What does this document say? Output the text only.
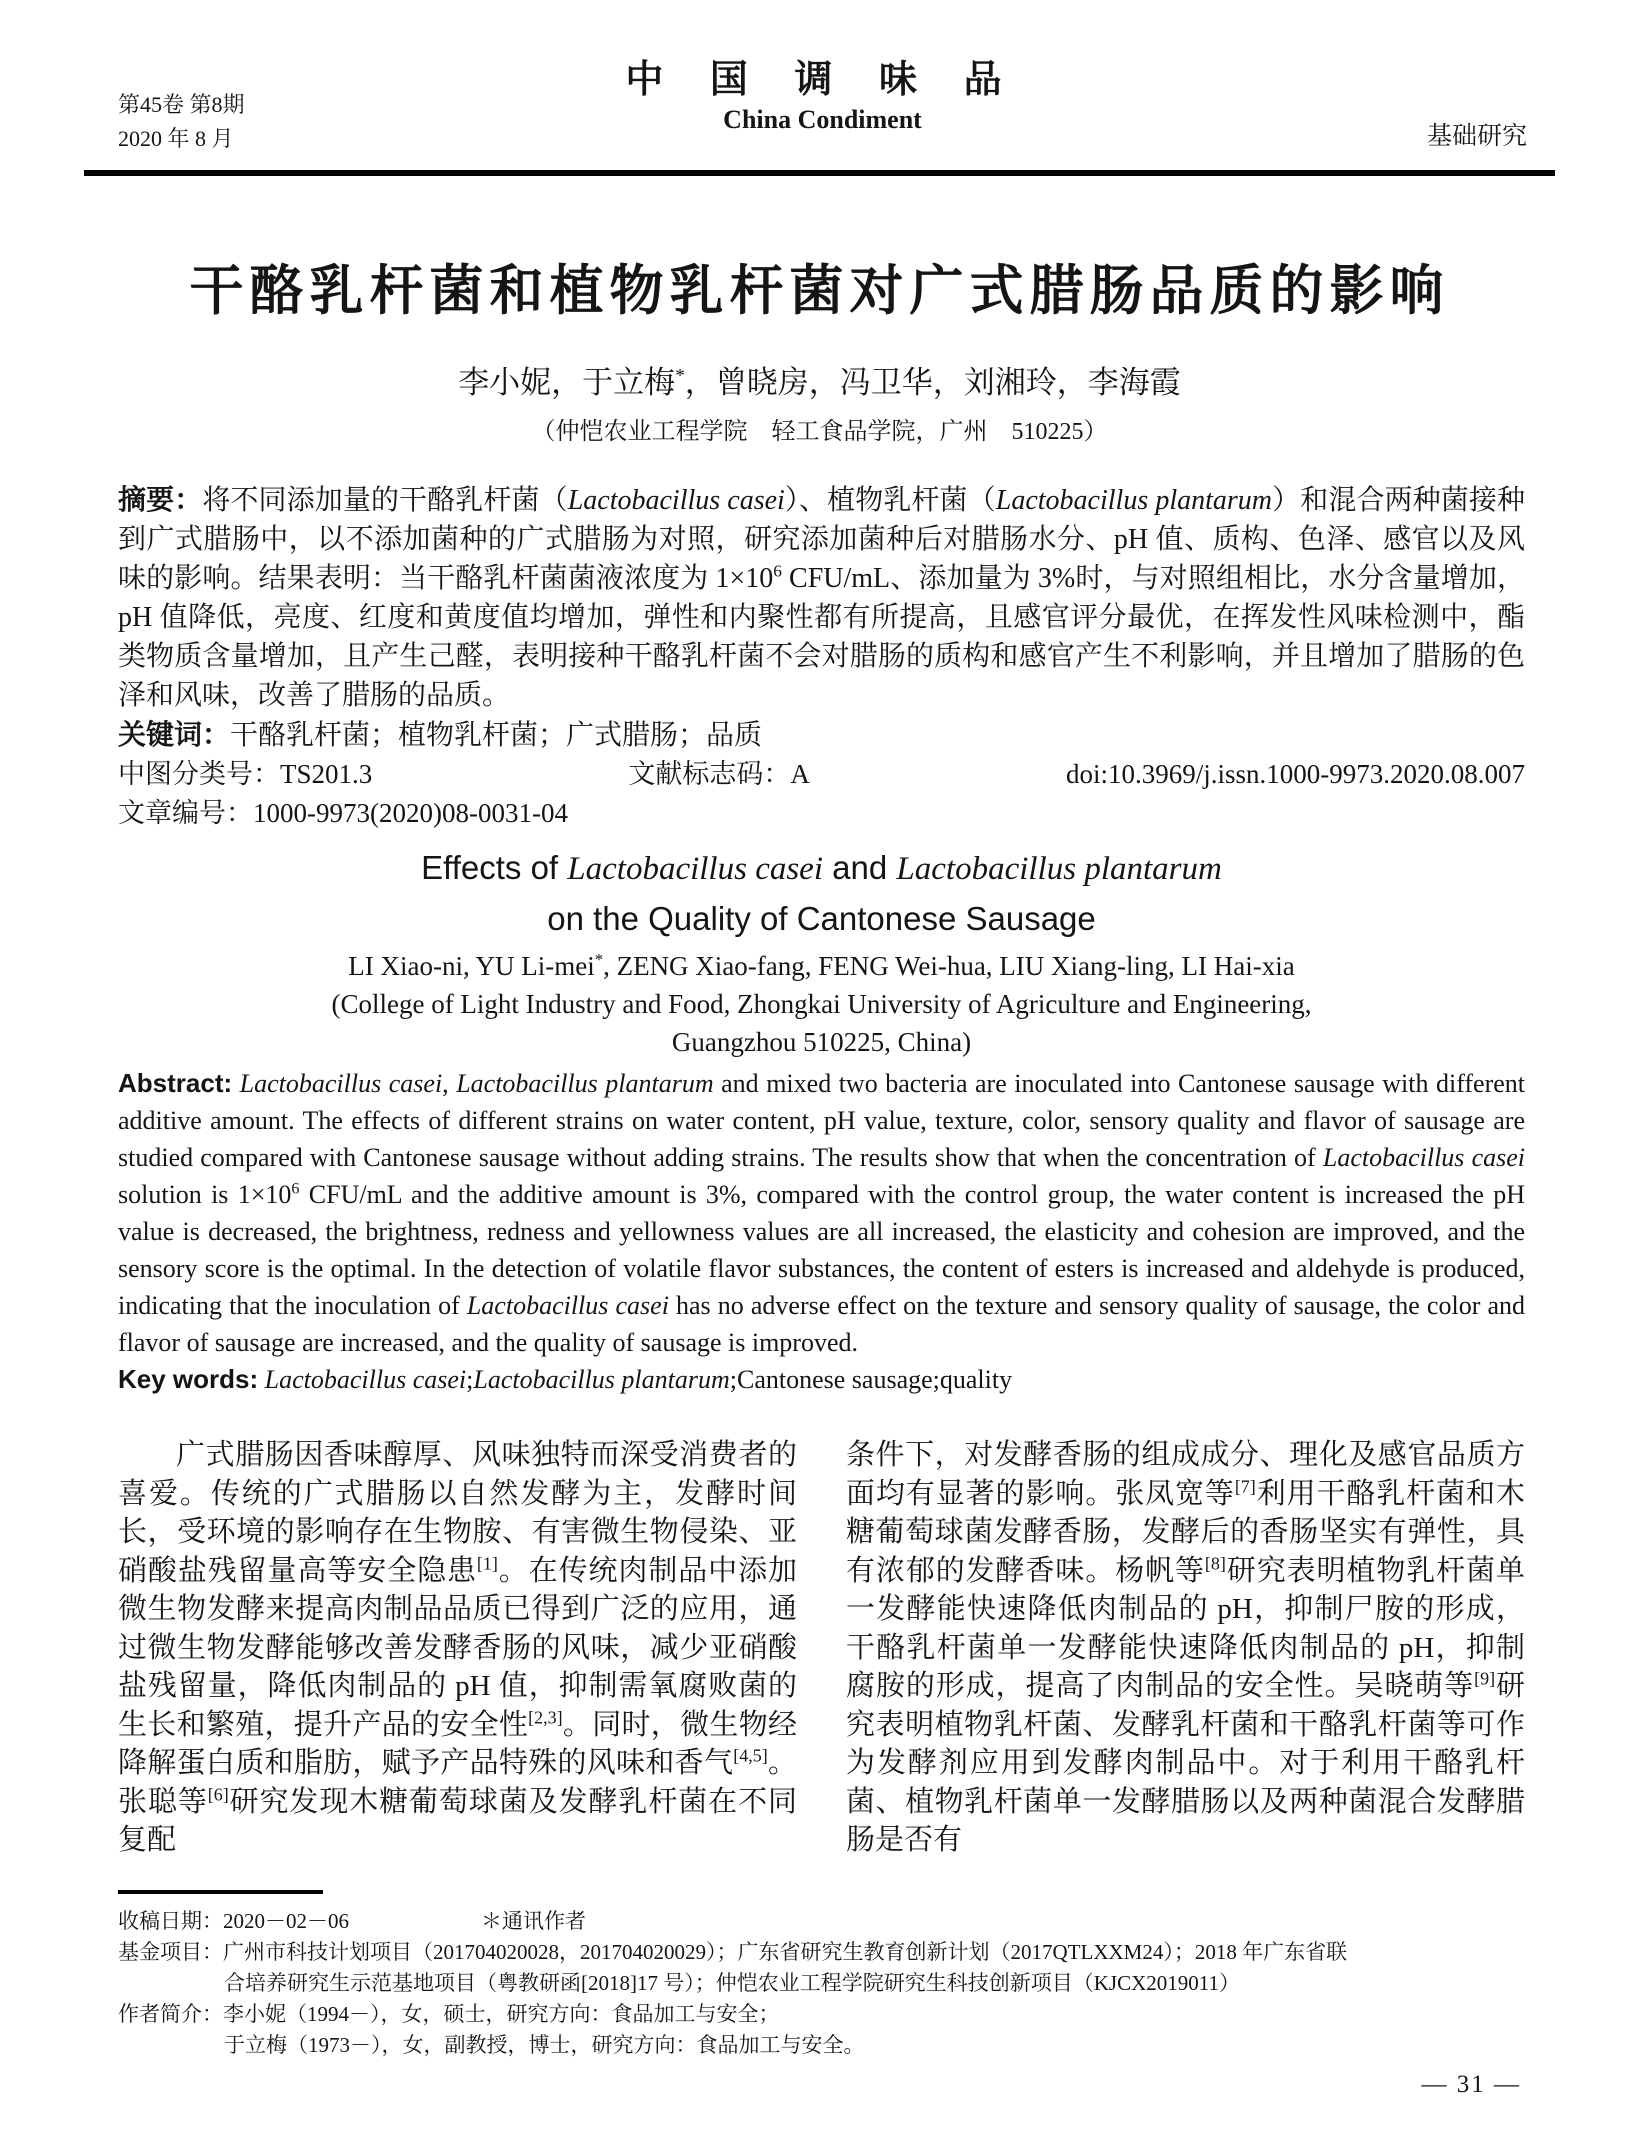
第45卷 第8期
2020 年 8 月
中 国 调 味 品
China Condiment
基础研究
干酪乳杆菌和植物乳杆菌对广式腊肠品质的影响
李小妮，于立梅*，曾晓房，冯卫华，刘湘玲，李海霞
（仲恺农业工程学院　轻工食品学院，广州　510225）
摘要：将不同添加量的干酪乳杆菌（Lactobacillus casei）、植物乳杆菌（Lactobacillus plantarum）和混合两种菌接种到广式腊肠中，以不添加菌种的广式腊肠为对照，研究添加菌种后对腊肠水分、pH 值、质构、色泽、感官以及风味的影响。结果表明：当干酪乳杆菌菌液浓度为 $1\times 10^6$ CFU/mL、添加量为 3%时，与对照组相比，水分含量增加，pH 值降低，亮度、红度和黄度值均增加，弹性和内聚性都有所提高，且感官评分最优，在挥发性风味检测中，酯类物质含量增加，且产生己醛，表明接种干酪乳杆菌不会对腊肠的质构和感官产生不利影响，并且增加了腊肠的色泽和风味，改善了腊肠的品质。
关键词：干酪乳杆菌；植物乳杆菌；广式腊肠；品质
中图分类号：TS201.3	文献标志码：A	doi:10.3969/j.issn.1000-9973.2020.08.007
文章编号：1000-9973(2020)08-0031-04
Effects of Lactobacillus casei and Lactobacillus plantarum
on the Quality of Cantonese Sausage
LI Xiao-ni, YU Li-mei*, ZENG Xiao-fang, FENG Wei-hua, LIU Xiang-ling, LI Hai-xia
(College of Light Industry and Food, Zhongkai University of Agriculture and Engineering,
Guangzhou 510225, China)
Abstract: Lactobacillus casei, Lactobacillus plantarum and mixed two bacteria are inoculated into Cantonese sausage with different additive amount. The effects of different strains on water content, pH value, texture, color, sensory quality and flavor of sausage are studied compared with Cantonese sausage without adding strains. The results show that when the concentration of Lactobacillus casei solution is $1\times 10^6$ CFU/mL and the additive amount is 3%, compared with the control group, the water content is increased the pH value is decreased, the brightness, redness and yellowness values are all increased, the elasticity and cohesion are improved, and the sensory score is the optimal. In the detection of volatile flavor substances, the content of esters is increased and aldehyde is produced, indicating that the inoculation of Lactobacillus casei has no adverse effect on the texture and sensory quality of sausage, the color and flavor of sausage are increased, and the quality of sausage is improved.
Key words: Lactobacillus casei;Lactobacillus plantarum;Cantonese sausage;quality
广式腊肠因香味醇厚、风味独特而深受消费者的喜爱。传统的广式腊肠以自然发酵为主，发酵时间长，受环境的影响存在生物胺、有害微生物侵染、亚硝酸盐残留量高等安全隐患[1]。在传统肉制品中添加微生物发酵来提高肉制品品质已得到广泛的应用，通过微生物发酵能够改善发酵香肠的风味，减少亚硝酸盐残留量，降低肉制品的 pH 值，抑制需氧腐败菌的生长和繁殖，提升产品的安全性[2,3]。同时，微生物经降解蛋白质和脂肪，赋予产品特殊的风味和香气[4,5]。张聪等[6]研究发现木糖葡萄球菌及发酵乳杆菌在不同复配
条件下，对发酵香肠的组成成分、理化及感官品质方面均有显著的影响。张凤宽等[7]利用干酪乳杆菌和木糖葡萄球菌发酵香肠，发酵后的香肠坚实有弹性，具有浓郁的发酵香味。杨帆等[8]研究表明植物乳杆菌单一发酵能快速降低肉制品的 pH，抑制尸胺的形成，干酪乳杆菌单一发酵能快速降低肉制品的 pH，抑制腐胺的形成，提高了肉制品的安全性。吴晓萌等[9]研究表明植物乳杆菌、发酵乳杆菌和干酪乳杆菌等可作为发酵剂应用到发酵肉制品中。对于利用干酪乳杆菌、植物乳杆菌单一发酵腊肠以及两种菌混合发酵腊肠是否有
收稿日期：2020－02－06	＊通讯作者
基金项目：广州市科技计划项目（201704020028，201704020029）；广东省研究生教育创新计划（2017QTLXXM24）；2018 年广东省联
合培养研究生示范基地项目（粤教研函[2018]17 号）；仲恺农业工程学院研究生科技创新项目（KJCX2019011）
作者简介：李小妮（1994－），女，硕士，研究方向：食品加工与安全；
于立梅（1973－），女，副教授，博士，研究方向：食品加工与安全。
— 31 —
